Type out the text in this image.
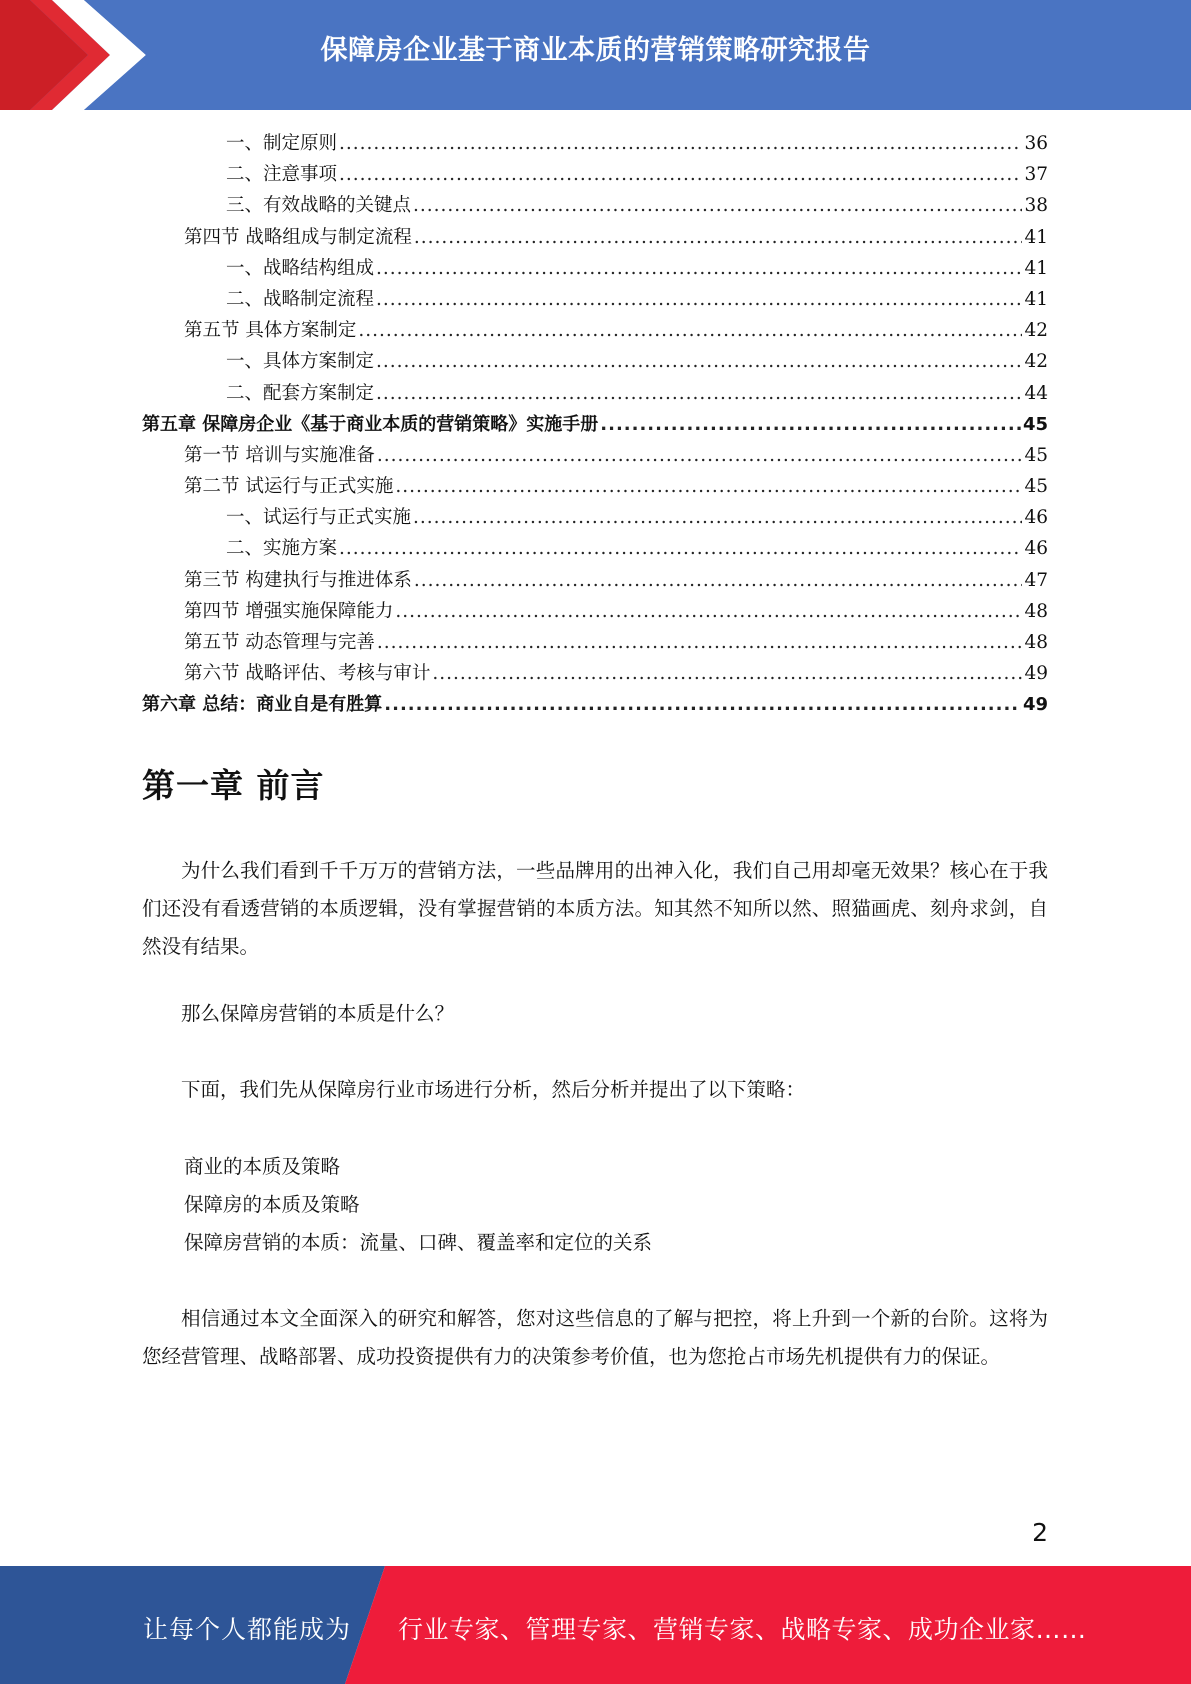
保障房企业基于商业本质的营销策略研究报告
一、制定原则 .....	36
二、注意事项 .....	37
三、有效战略的关键点 .....	38
第四节 战略组成与制定流程 .....	41
一、战略结构组成 .....	41
二、战略制定流程 .....	41
第五节 具体方案制定 .....	42
一、具体方案制定 .....	42
二、配套方案制定 .....	44
第五章 保障房企业《基于商业本质的营销策略》实施手册 .....	45
第一节 培训与实施准备 .....	45
第二节 试运行与正式实施 .....	45
一、试运行与正式实施 .....	46
二、实施方案 .....	46
第三节 构建执行与推进体系 .....	47
第四节 增强实施保障能力 .....	48
第五节 动态管理与完善 .....	48
第六节 战略评估、考核与审计 .....	49
第六章 总结：商业自是有胜算 .....	49
第一章 前言

为什么我们看到千千万万的营销方法，一些品牌用的出神入化，我们自己用却毫无效果？核心在于我们还没有看透营销的本质逻辑，没有掌握营销的本质方法。知其然不知所以然、照猫画虎、刻舟求剑，自然没有结果。

那么保障房营销的本质是什么？

下面，我们先从保障房行业市场进行分析，然后分析并提出了以下策略：

商业的本质及策略
保障房的本质及策略
保障房营销的本质：流量、口碑、覆盖率和定位的关系

相信通过本文全面深入的研究和解答，您对这些信息的了解与把控，将上升到一个新的台阶。这将为您经营管理、战略部署、成功投资提供有力的决策参考价值，也为您抢占市场先机提供有力的保证。

2
让每个人都能成为 行业专家、管理专家、营销专家、战略专家、成功企业家……
